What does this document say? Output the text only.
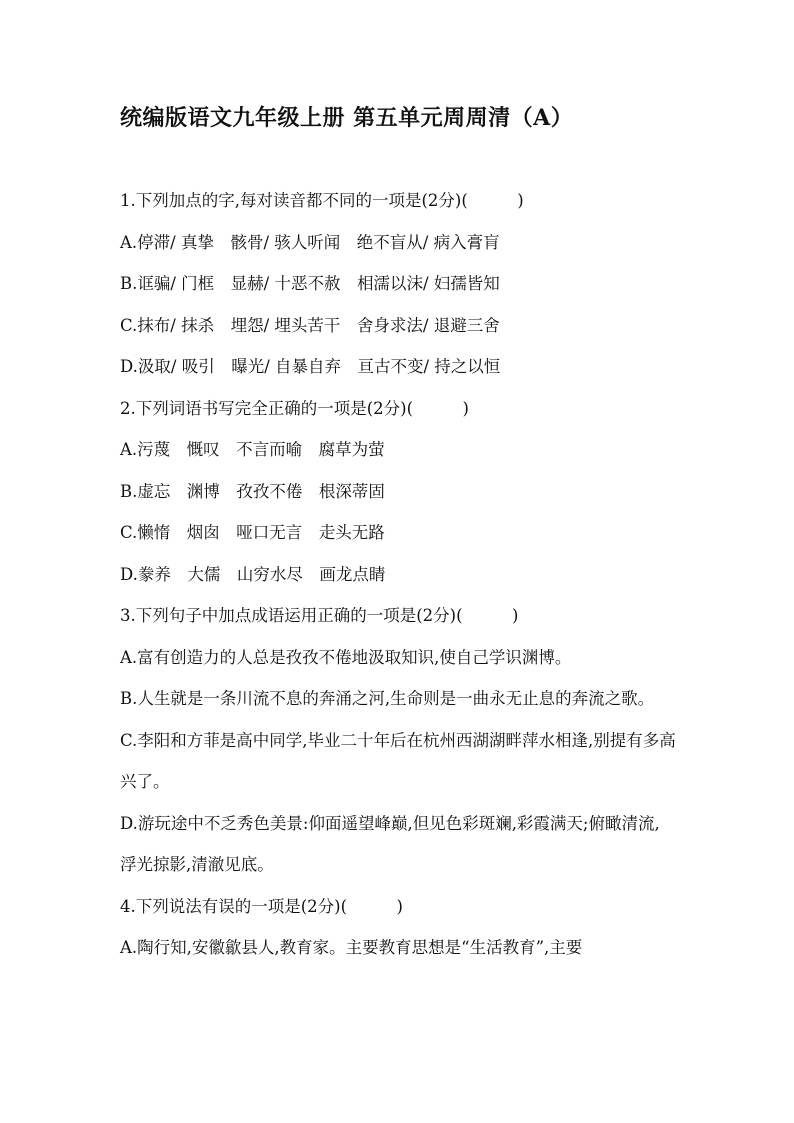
统编版语文九年级上册 第五单元周周清（A）
1.下列加点的字,每对读音都不同的一项是(2分)(　　　)
A.停滞/ 真挚　骸骨/ 骇人听闻　绝不盲从/ 病入膏肓
B.诓骗/ 门框　显赫/ 十恶不赦　相濡以沫/ 妇孺皆知
C.抹布/ 抹杀　埋怨/ 埋头苦干　舍身求法/ 退避三舍
D.汲取/ 吸引　曝光/ 自暴自弃　亘古不变/ 持之以恒
2.下列词语书写完全正确的一项是(2分)(　　　)
A.污蔑　慨叹　不言而喻　腐草为萤
B.虚忘　渊博　孜孜不倦　根深蒂固
C.懒惰　烟囱　哑口无言　走头无路
D.豢养　大儒　山穷水尽　画龙点睛
3.下列句子中加点成语运用正确的一项是(2分)(　　　)
A.富有创造力的人总是孜孜不倦地汲取知识,使自己学识渊博。
B.人生就是一条川流不息的奔涌之河,生命则是一曲永无止息的奔流之歌。
C.李阳和方菲是高中同学,毕业二十年后在杭州西湖湖畔萍水相逢,别提有多高兴了。
D.游玩途中不乏秀色美景:仰面遥望峰巅,但见色彩斑斓,彩霞满天;俯瞰清流,浮光掠影,清澈见底。
4.下列说法有误的一项是(2分)(　　　)
A.陶行知,安徽歙县人,教育家。主要教育思想是“生活教育”,主要
